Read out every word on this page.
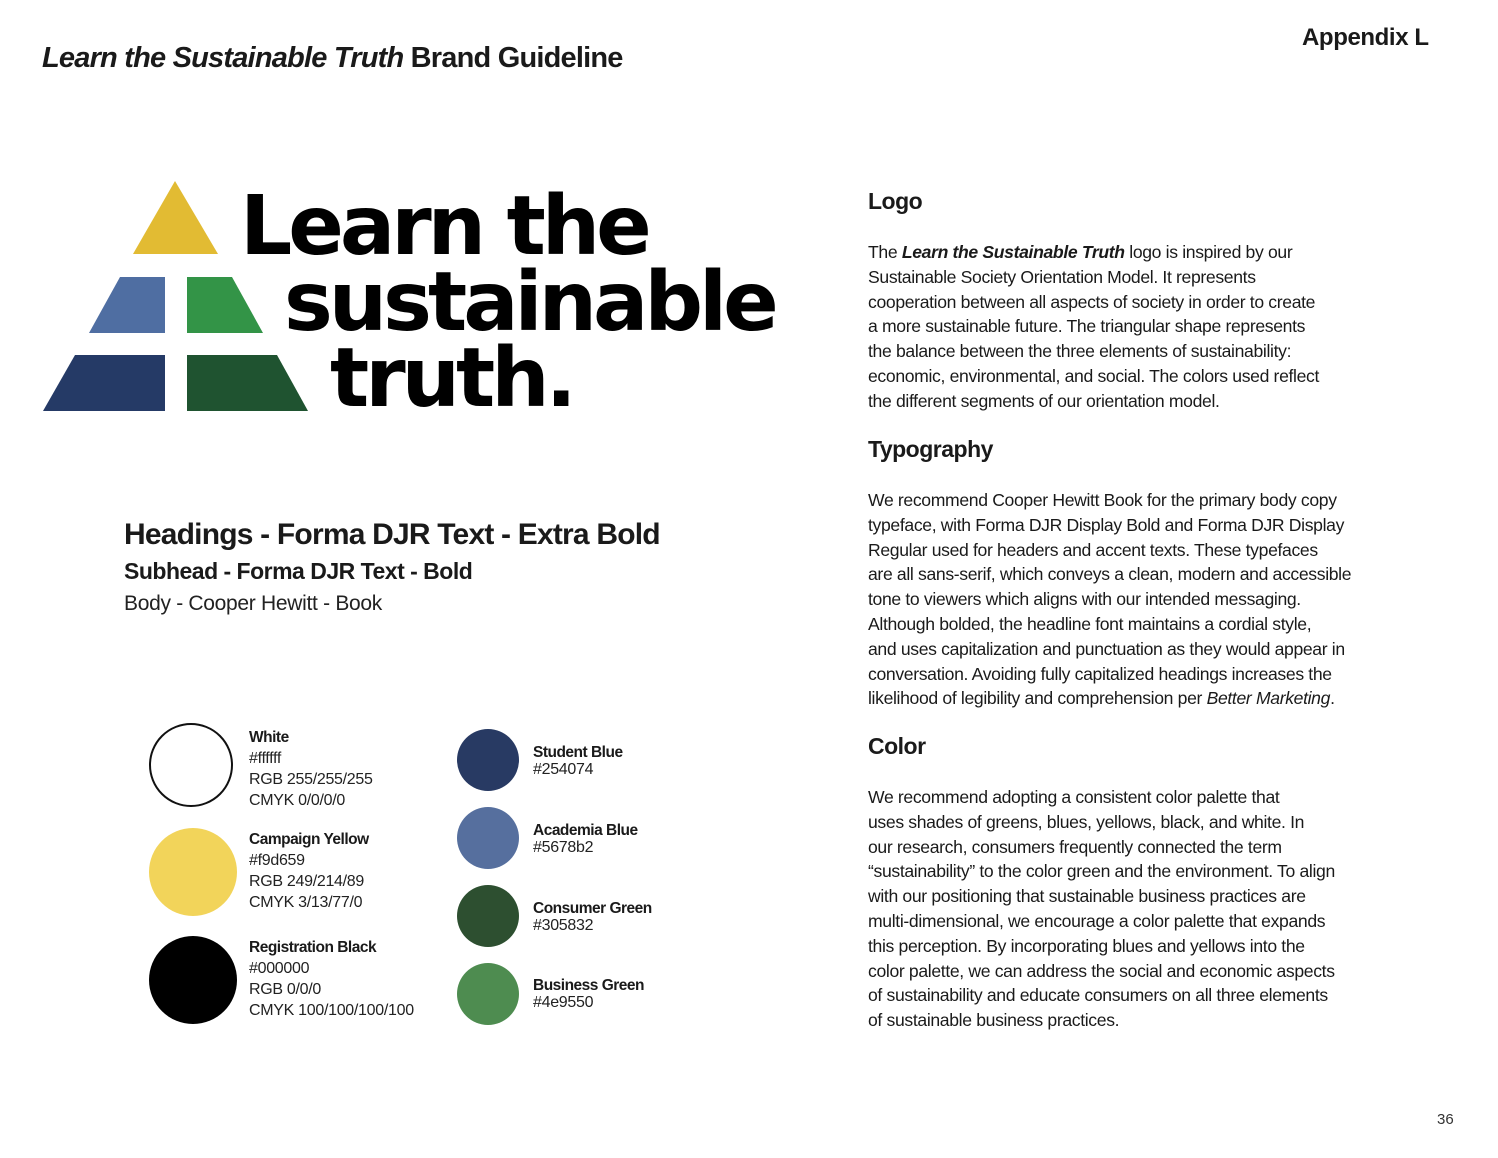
Learn the Sustainable Truth Brand Guideline
Appendix L
Learn the
sustainable
truth.
Headings - Forma DJR Text - Extra Bold
Subhead - Forma DJR Text - Bold
Body - Cooper Hewitt - Book
White
#ffffff
RGB 255/255/255
CMYK 0/0/0/0
Campaign Yellow
#f9d659
RGB 249/214/89
CMYK 3/13/77/0
Registration Black
#000000
RGB 0/0/0
CMYK 100/100/100/100
Student Blue
#254074
Academia Blue
#5678b2
Consumer Green
#305832
Business Green
#4e9550
Logo

The Learn the Sustainable Truth logo is inspired by our

Sustainable Society Orientation Model. It represents

cooperation between all aspects of society in order to create

a more sustainable future. The triangular shape represents

the balance between the three elements of sustainability:

economic, environmental, and social. The colors used reflect

the different segments of our orientation model.

Typography

We recommend Cooper Hewitt Book for the primary body copy

typeface, with Forma DJR Display Bold and Forma DJR Display

Regular used for headers and accent texts. These typefaces

are all sans-serif, which conveys a clean, modern and accessible

tone to viewers which aligns with our intended messaging.

Although bolded, the headline font maintains a cordial style,

and uses capitalization and punctuation as they would appear in

conversation. Avoiding fully capitalized headings increases the

likelihood of legibility and comprehension per Better Marketing.

Color

We recommend adopting a consistent color palette that

uses shades of greens, blues, yellows, black, and white. In

our research, consumers frequently connected the term

“sustainability” to the color green and the environment. To align

with our positioning that sustainable business practices are

multi-dimensional, we encourage a color palette that expands

this perception. By incorporating blues and yellows into the

color palette, we can address the social and economic aspects

of sustainability and educate consumers on all three elements

of sustainable business practices.

36
